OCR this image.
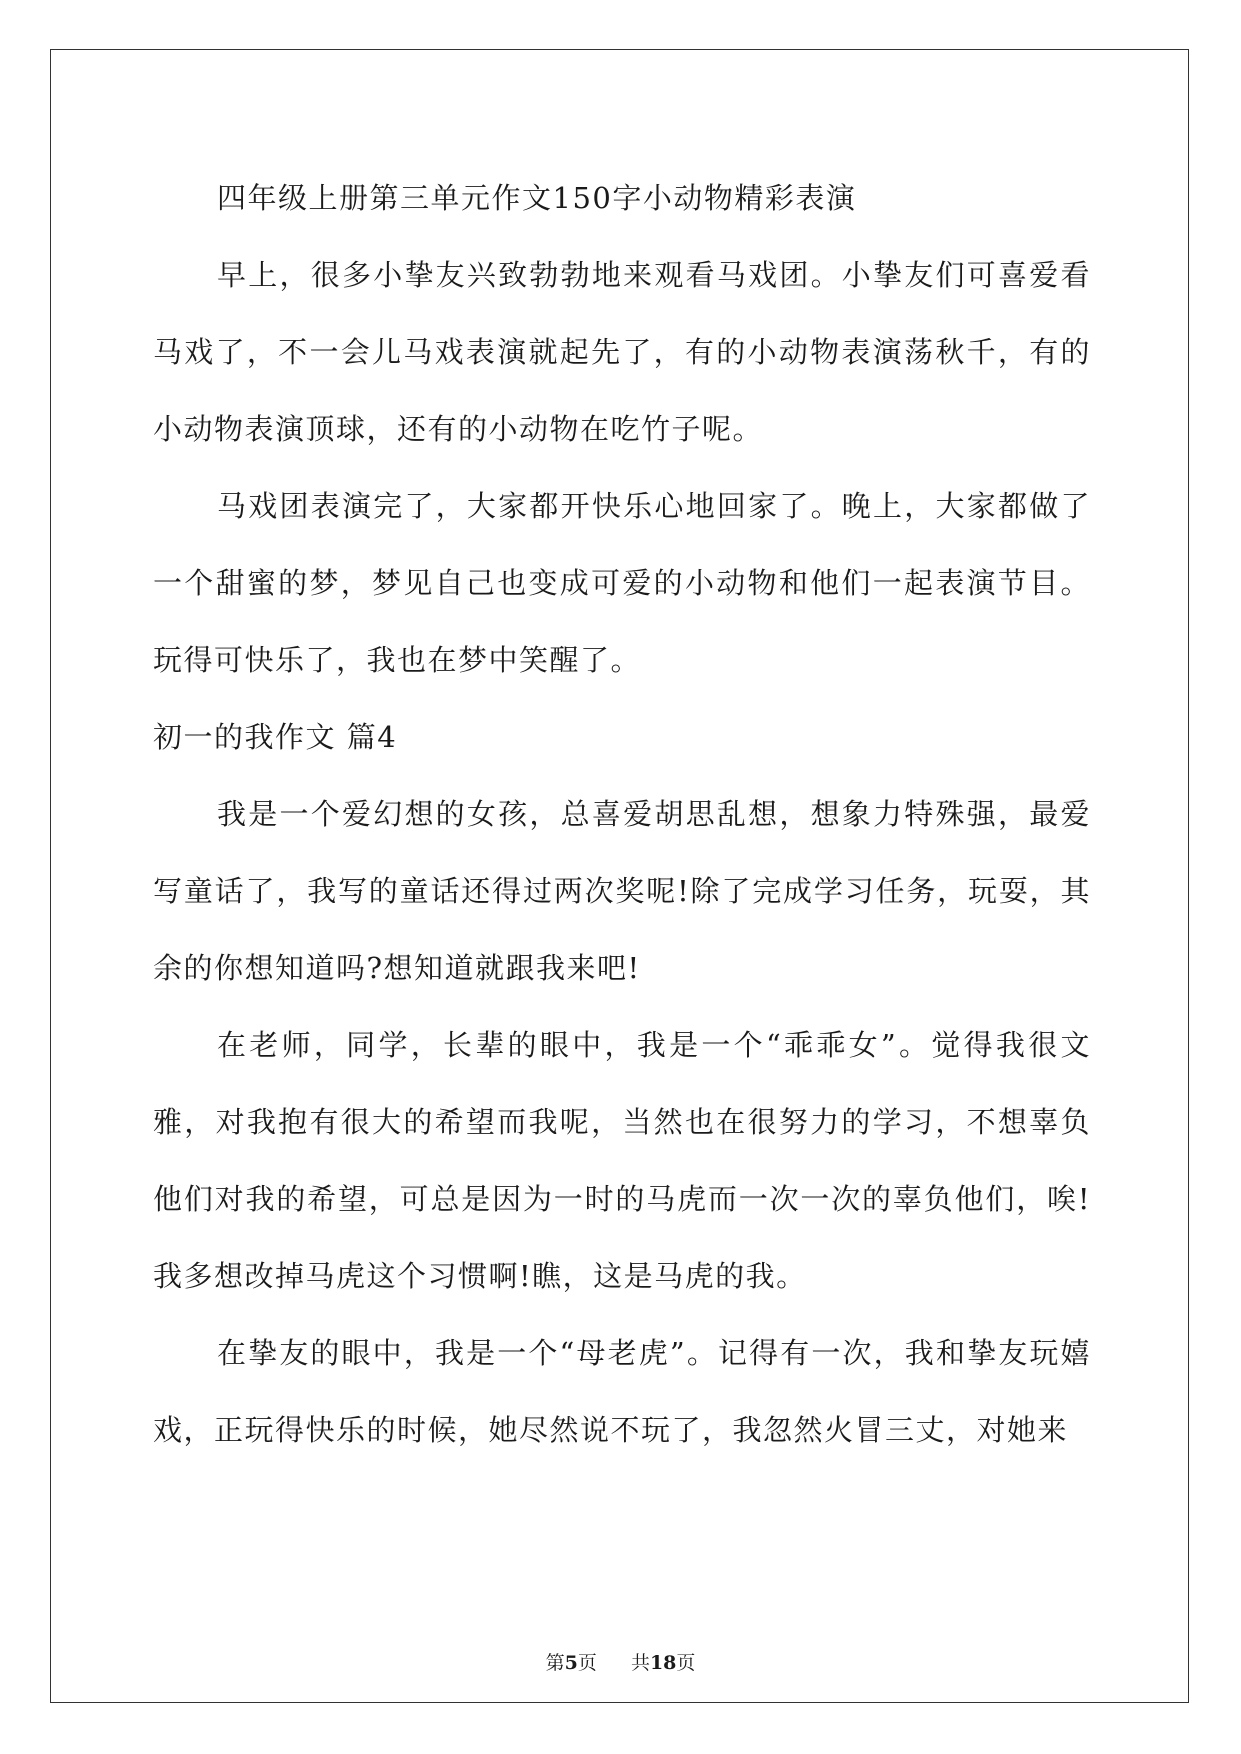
四年级上册第三单元作文150字小动物精彩表演

早上，很多小挚友兴致勃勃地来观看马戏团。小挚友们可喜爱看马戏了，不一会儿马戏表演就起先了，有的小动物表演荡秋千，有的小动物表演顶球，还有的小动物在吃竹子呢。

马戏团表演完了，大家都开快乐心地回家了。晚上，大家都做了一个甜蜜的梦，梦见自己也变成可爱的小动物和他们一起表演节目。玩得可快乐了，我也在梦中笑醒了。

初一的我作文 篇4

我是一个爱幻想的女孩，总喜爱胡思乱想，想象力特殊强，最爱写童话了，我写的童话还得过两次奖呢!除了完成学习任务，玩耍，其余的你想知道吗?想知道就跟我来吧!

在老师，同学，长辈的眼中，我是一个“乖乖女”。觉得我很文雅，对我抱有很大的希望而我呢，当然也在很努力的学习，不想辜负他们对我的希望，可总是因为一时的马虎而一次一次的辜负他们，唉!我多想改掉马虎这个习惯啊!瞧，这是马虎的我。

在挚友的眼中，我是一个“母老虎”。记得有一次，我和挚友玩嬉戏，正玩得快乐的时候，她尽然说不玩了，我忽然火冒三丈，对她来

第5页 共18页
